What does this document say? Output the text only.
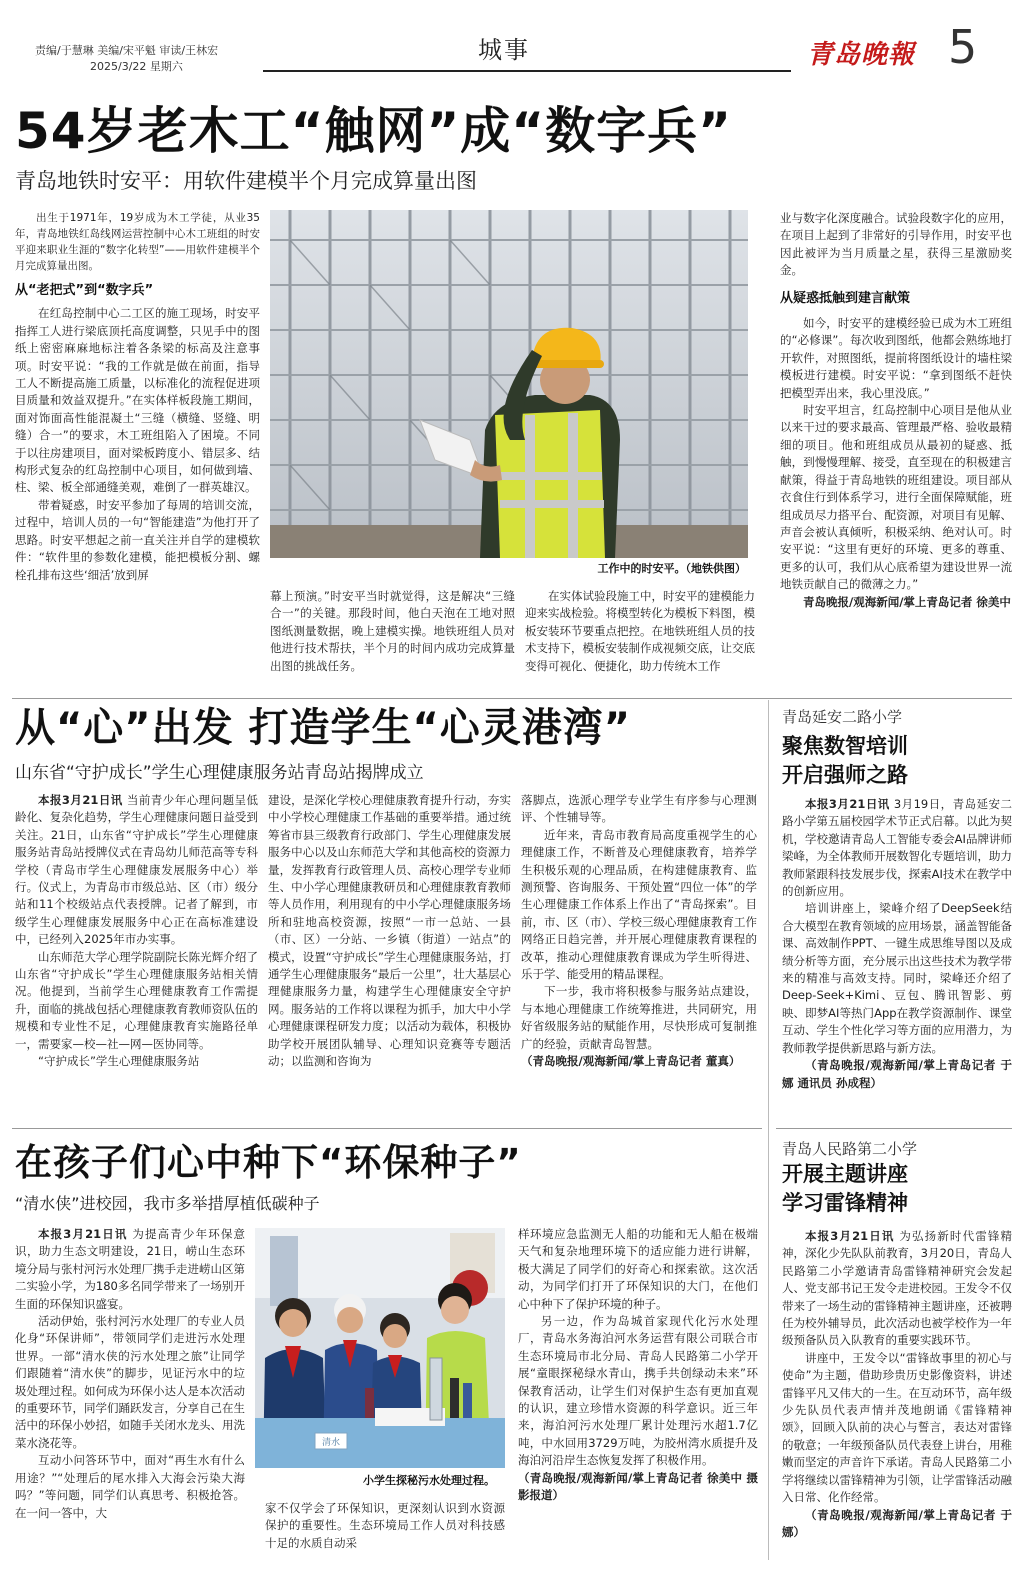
责编/于慧琳 美编/宋平魁 审读/王林宏
2025/3/22 星期六
城事	青岛晚報 5
54岁老木工“触网”成“数字兵”
青岛地铁时安平：用软件建模半个月完成算量出图

出生于1971年，19岁成为木工学徒，从业35年，青岛地铁红岛线网运营控制中心木工班组的时安平迎来职业生涯的“数字化转型”——用软件建模半个月完成算量出图。

从“老把式”到“数字兵”

在红岛控制中心二工区的施工现场，时安平指挥工人进行梁底顶托高度调整，只见手中的图纸上密密麻麻地标注着各条梁的标高及注意事项。时安平说：“我的工作就是做在前面，指导工人不断提高施工质量，以标准化的流程促进项目质量和效益双提升。”在实体样板段施工期间，面对饰面高性能混凝土“三缝（横缝、竖缝、明缝）合一”的要求，木工班组陷入了困境。不同于以往房建项目，面对梁板跨度小、错层多、结构形式复杂的红岛控制中心项目，如何做到墙、柱、梁、板全部通缝美观，难倒了一群英雄汉。

带着疑惑，时安平参加了每周的培训交流，过程中，培训人员的一句“智能建造”为他打开了思路。时安平想起之前一直关注并自学的建模软件：“软件里的参数化建模，能把模板分割、螺栓孔排布这些‘细活’放到屏	工作中的时安平。（地铁供图）

幕上预演。”时安平当时就觉得，这是解决“三缝合一”的关键。那段时间，他白天泡在工地对照图纸测量数据，晚上建模实操。地铁班组人员对他进行技术帮扶，半个月的时间内成功完成算量出图的挑战任务。

在实体试验段施工中，时安平的建模能力迎来实战检验。将模型转化为模板下料图，模板安装环节要重点把控。在地铁班组人员的技术支持下，模板安装制作成视频交底，让交底变得可视化、便捷化，助力传统木工作

业与数字化深度融合。试验段数字化的应用，在项目上起到了非常好的引导作用，时安平也因此被评为当月质量之星，获得三星激励奖金。

从疑惑抵触到建言献策

如今，时安平的建模经验已成为木工班组的“必修课”。每次收到图纸，他都会熟练地打开软件，对照图纸，提前将图纸设计的墙柱梁模板进行建模。时安平说：“拿到图纸不赶快把模型弄出来，我心里没底。”

时安平坦言，红岛控制中心项目是他从业以来干过的要求最高、管理最严格、验收最精细的项目。他和班组成员从最初的疑惑、抵触，到慢慢理解、接受，直至现在的积极建言献策，得益于青岛地铁的班组建设。项目部从衣食住行到体系学习，进行全面保障赋能，班组成员尽力搭平台、配资源，对项目有见解、声音会被认真倾听，积极采纳、绝对认可。时安平说：“这里有更好的环境、更多的尊重、更多的认可，我们从心底希望为建设世界一流地铁贡献自己的微薄之力。”

青岛晚报/观海新闻/掌上青岛记者 徐美中

从“心”出发 打造学生“心灵港湾”
山东省“守护成长”学生心理健康服务站青岛站揭牌成立

本报3月21日讯 当前青少年心理问题呈低龄化、复杂化趋势，学生心理健康问题日益受到关注。21日，山东省“守护成长”学生心理健康服务站青岛站授牌仪式在青岛幼儿师范高等专科学校（青岛市学生心理健康发展服务中心）举行。仪式上，为青岛市市级总站、区（市）级分站和11个校级站点代表授牌。记者了解到，市级学生心理健康发展服务中心正在高标准建设中，已经列入2025年市办实事。

山东师范大学心理学院副院长陈光辉介绍了山东省“守护成长”学生心理健康服务站相关情况。他提到，当前学生心理健康教育工作需提升，面临的挑战包括心理健康教育教师资队伍的规模和专业性不足，心理健康教育实施路径单一，需要家—校—社—网—医协同等。

“守护成长”学生心理健康服务站

建设，是深化学校心理健康教育提升行动，夯实中小学校心理健康工作基础的重要举措。通过统筹省市县三级教育行政部门、学生心理健康发展服务中心以及山东师范大学和其他高校的资源力量，发挥教育行政管理人员、高校心理学专业师生、中小学心理健康教研员和心理健康教育教师等人员作用，利用现有的中小学心理健康服务场所和驻地高校资源，按照“一市一总站、一县（市、区）一分站、一乡镇（街道）一站点”的模式，设置“守护成长”学生心理健康服务站，打通学生心理健康服务“最后一公里”，壮大基层心理健康服务力量，构建学生心理健康安全守护网。服务站的工作将以课程为抓手，加大中小学心理健康课程研发力度；以活动为载体，积极协助学校开展团队辅导、心理知识竞赛等专题活动；以监测和咨询为

落脚点，选派心理学专业学生有序参与心理测评、个性辅导等。

近年来，青岛市教育局高度重视学生的心理健康工作，不断普及心理健康教育，培养学生积极乐观的心理品质，在构建健康教育、监测预警、咨询服务、干预处置“四位一体”的学生心理健康工作体系上作出了“青岛探索”。目前，市、区（市）、学校三级心理健康教育工作网络正日趋完善，并开展心理健康教育课程的改革，推动心理健康教育课成为学生听得进、乐于学、能受用的精品课程。

下一步，我市将积极参与服务站点建设，与本地心理健康工作统筹推进，共同研究，用好省级服务站的赋能作用，尽快形成可复制推广的经验，贡献青岛智慧。

（青岛晚报/观海新闻/掌上青岛记者 董真）

青岛延安二路小学
聚焦数智培训
开启强师之路

本报3月21日讯 3月19日，青岛延安二路小学第五届校园学术节正式启幕。以此为契机，学校邀请青岛人工智能专委会AI品牌讲师梁峰，为全体教师开展数智化专题培训，助力教师紧跟科技发展步伐，探索AI技术在教学中的创新应用。

培训讲座上，梁峰介绍了DeepSeek结合大模型在教育领域的应用场景，涵盖智能备课、高效制作PPT、一键生成思维导图以及成绩分析等方面，充分展示出这些技术为教学带来的精准与高效支持。同时，梁峰还介绍了Deep-Seek+Kimi、豆包、腾讯智影、剪映、即梦AI等热门App在教学资源制作、课堂互动、学生个性化学习等方面的应用潜力，为教师教学提供新思路与新方法。

（青岛晚报/观海新闻/掌上青岛记者 于娜 通讯员 孙成程）

在孩子们心中种下“环保种子”
“清水侠”进校园，我市多举措厚植低碳种子

本报3月21日讯 为提高青少年环保意识，助力生态文明建设，21日，崂山生态环境分局与张村河污水处理厂携手走进崂山区第二实验小学，为180多名同学带来了一场别开生面的环保知识盛宴。

活动伊始，张村河污水处理厂的专业人员化身“环保讲师”，带领同学们走进污水处理世界。一部“清水侠的污水处理之旅”让同学们跟随着“清水侠”的脚步，见证污水中的垃圾处理过程。如何成为环保小达人是本次活动的重要环节，同学们踊跃发言，分享自己在生活中的环保小妙招，如随手关闭水龙头、用洗菜水浇花等。

互动小问答环节中，面对“再生水有什么用途？”“处理后的尾水排入大海会污染大海吗？”等问题，同学们认真思考、积极抢答。在一问一答中，大

清水
小学生探秘污水处理过程。

家不仅学会了环保知识，更深刻认识到水资源保护的重要性。生态环境局工作人员对科技感十足的水质自动采

样环境应急监测无人船的功能和无人船在极端天气和复杂地理环境下的适应能力进行讲解，极大满足了同学们的好奇心和探索欲。这次活动，为同学们打开了环保知识的大门，在他们心中种下了保护环境的种子。

另一边，作为岛城首家现代化污水处理厂，青岛水务海泊河水务运营有限公司联合市生态环境局市北分局、青岛人民路第二小学开展“童眼探秘绿水青山，携手共创绿动未来”环保教育活动，让学生们对保护生态有更加直观的认识，建立珍惜水资源的科学意识。近三年来，海泊河污水处理厂累计处理污水超1.7亿吨，中水回用3729万吨，为胶州湾水质提升及海泊河沿岸生态恢复发挥了积极作用。

（青岛晚报/观海新闻/掌上青岛记者 徐美中 摄影报道）

青岛人民路第二小学
开展主题讲座
学习雷锋精神

本报3月21日讯 为弘扬新时代雷锋精神，深化少先队队前教育，3月20日，青岛人民路第二小学邀请青岛雷锋精神研究会发起人、党支部书记王发令走进校园。王发令不仅带来了一场生动的雷锋精神主题讲座，还被聘任为校外辅导员，此次活动也被学校作为一年级预备队员入队教育的重要实践环节。

讲座中，王发令以“雷锋故事里的初心与使命”为主题，借助珍贵历史影像资料，讲述雷锋平凡又伟大的一生。在互动环节，高年级少先队员代表声情并茂地朗诵《雷锋精神颂》，回顾入队前的决心与誓言，表达对雷锋的敬意；一年级预备队员代表登上讲台，用稚嫩而坚定的声音许下承诺。青岛人民路第二小学将继续以雷锋精神为引领，让学雷锋活动融入日常、化作经常。

（青岛晚报/观海新闻/掌上青岛记者 于娜）
